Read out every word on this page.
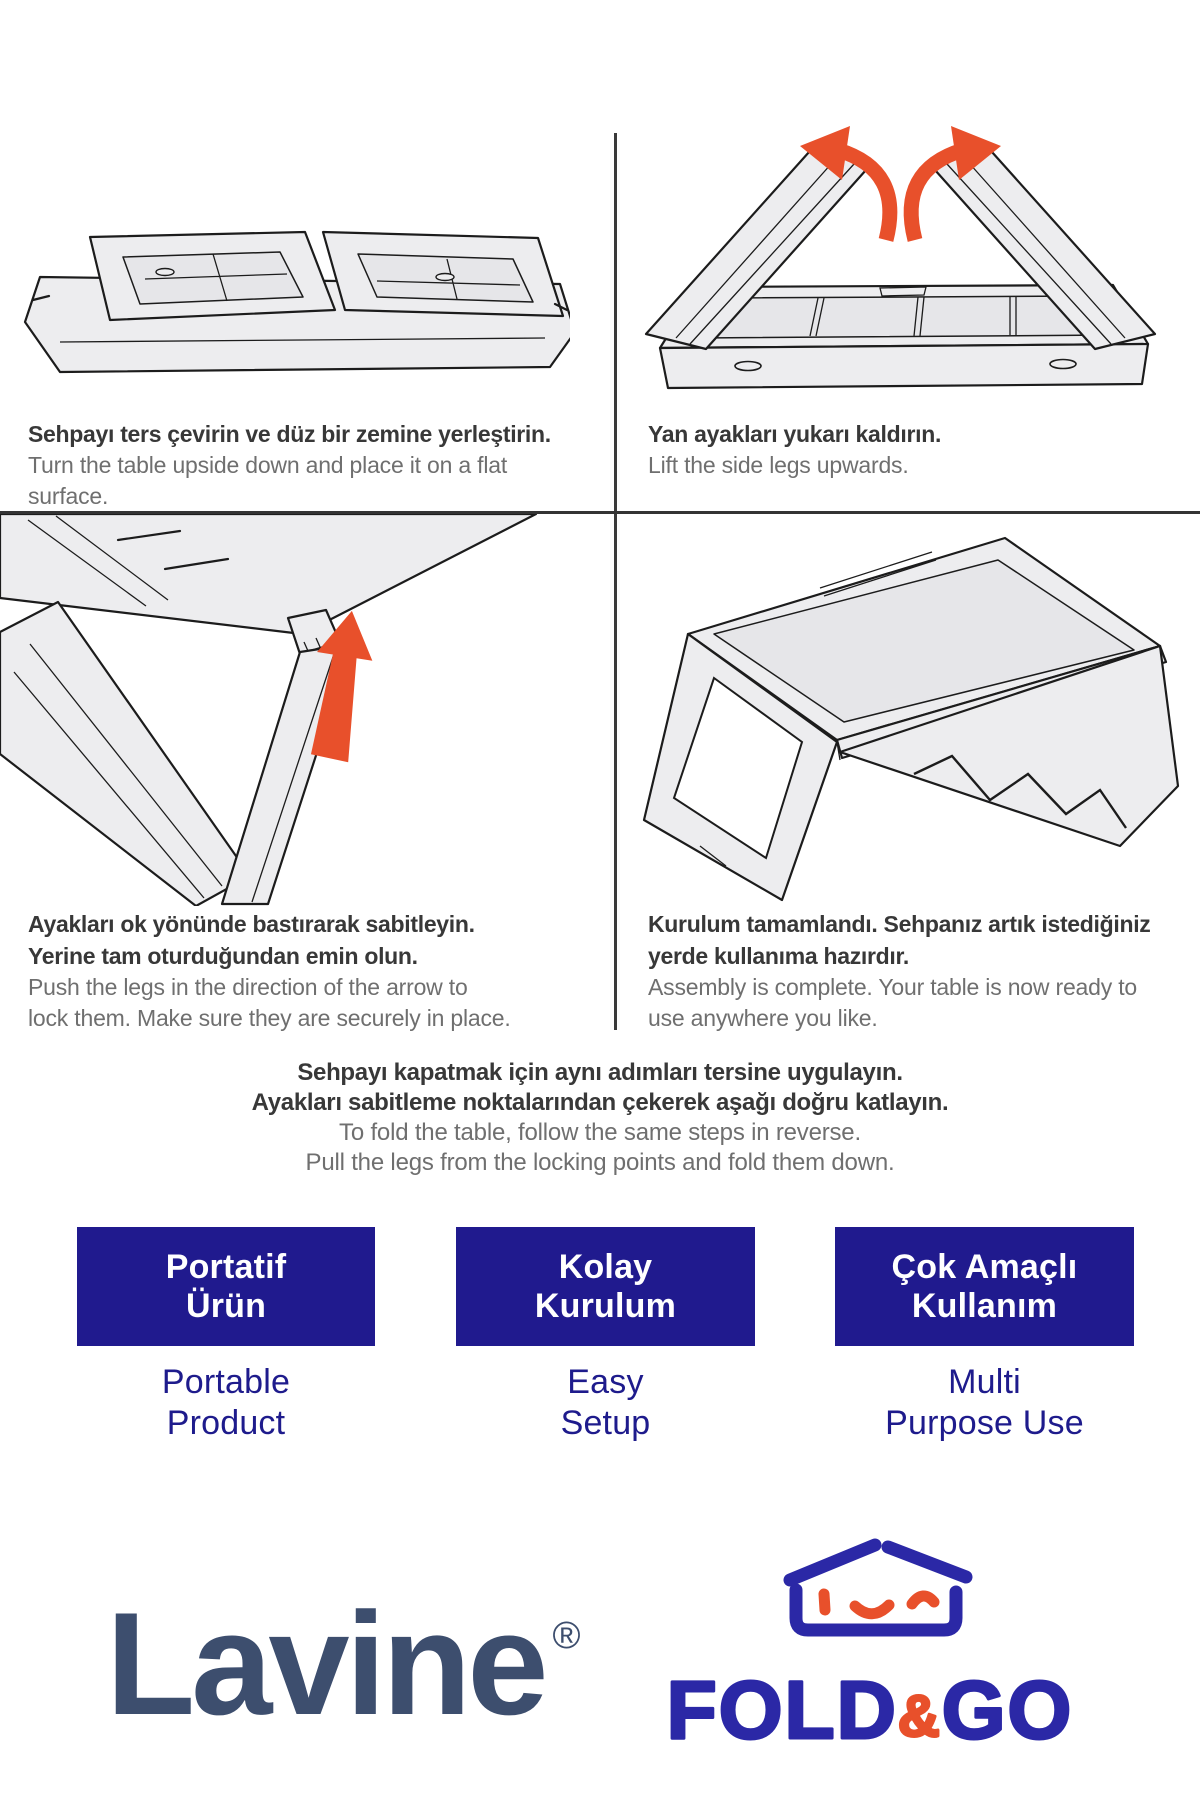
Sehpayı ters çevirin ve düz bir zemine yerleştirin.
Turn the table upside down and place it on a flat
surface.
Yan ayakları yukarı kaldırın.
Lift the side legs upwards.
Ayakları ok yönünde bastırarak sabitleyin.
Yerine tam oturduğundan emin olun.
Push the legs in the direction of the arrow to
lock them. Make sure they are securely in place.
Kurulum tamamlandı. Sehpanız artık istediğiniz
yerde kullanıma hazırdır.
Assembly is complete. Your table is now ready to
use anywhere you like.
Sehpayı kapatmak için aynı adımları tersine uygulayın.
Ayakları sabitleme noktalarından çekerek aşağı doğru katlayın.
To fold the table, follow the same steps in reverse.
Pull the legs from the locking points and fold them down.
Portatif
Ürün
Kolay
Kurulum
Çok Amaçlı
Kullanım
Portable
Product
Easy
Setup
Multi
Purpose Use
Lavine ®
FOLD&GO
